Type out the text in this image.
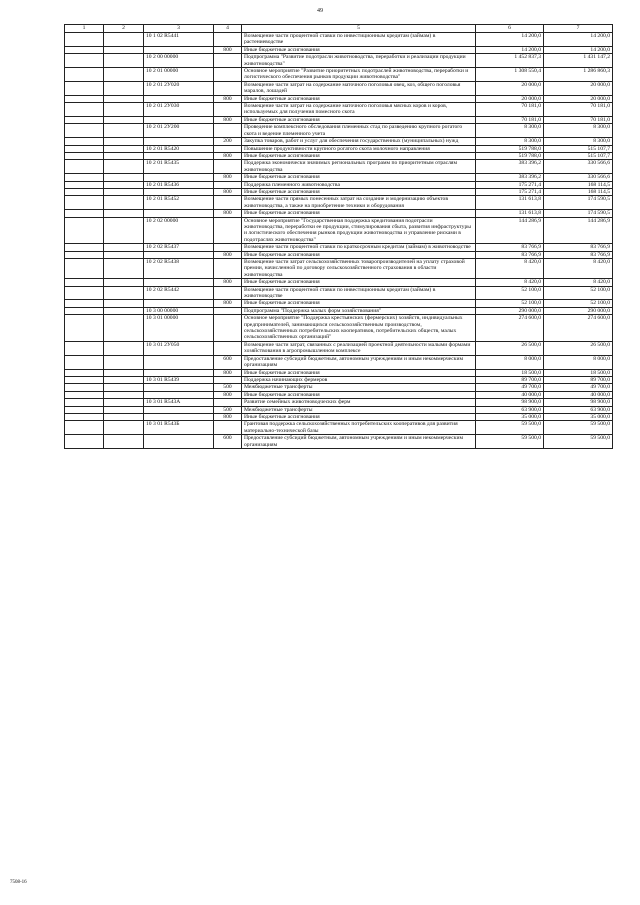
49
1	2	3	4	5	6	7
		10 1 02 R5441		Возмещение части процентной ставки по инвестиционным кредитам (займам) в растениеводстве	14 200,0	14 200,0
			800	Иные бюджетные ассигнования	14 200,0	14 200,0
		10 2 00 00000		Подпрограмма "Развитие подотрасли животноводства, переработки и реализации продукции животноводства"	1 452 837,3	1 431 147,2
		10 2 01 00000		Основное мероприятие "Развитие приоритетных подотраслей животноводства, переработки и логистического обеспечения рынков продукции животноводства"	1 308 550,4	1 286 860,3
		10 2 01 2У020		Возмещение части затрат на содержание маточного поголовья овец, коз, общего поголовья маралов, лошадей	20 000,0	20 000,0
			800	Иные бюджетные ассигнования	20 000,0	20 000,0
		10 2 01 2У030		Возмещение части затрат на содержание маточного поголовья мясных коров и коров, используемых для получения помесного скота	70 181,0	70 181,0
			800	Иные бюджетные ассигнования	70 181,0	70 181,0
		10 2 01 2У200		Проведение комплексного обследования племенных стад по разведению крупного рогатого скота и ведение племенного учета	8 300,0	8 300,0
			200	Закупка товаров, работ и услуг для обеспечения государственных (муниципальных) нужд	8 300,0	8 300,0
		10 2 01 R5420		Повышение продуктивности крупного рогатого скота молочного направления	519 788,0	515 107,7
			800	Иные бюджетные ассигнования	519 788,0	515 107,7
		10 2 01 R5435		Поддержка экономически значимых региональных программ по приоритетным отраслям животноводства	383 396,2	330 566,6
			800	Иные бюджетные ассигнования	383 396,2	330 566,6
		10 2 01 R5436		Поддержка племенного животноводства	175 271,4	168 114,5
			800	Иные бюджетные ассигнования	175 271,4	168 114,5
		10 2 01 R5452		Возмещение части прямых понесенных затрат на создание и модернизацию объектов животноводства, а также на приобретение техники и оборудования	131 613,8	174 590,5
			800	Иные бюджетные ассигнования	131 613,8	174 590,5
		10 2 02 00000		Основное мероприятие "Государственная поддержка кредитования подотрасли животноводства, переработки ее продукции, стимулирования сбыта, развития инфраструктуры и логистического обеспечения рынков продукции животноводства и управление рисками в подотраслях животноводства"	144 286,9	144 286,9
		10 2 02 R5437		Возмещение части процентной ставки по краткосрочным кредитам (займам) в животноводстве	83 766,9	83 766,9
			800	Иные бюджетные ассигнования	83 766,9	83 766,9
		10 2 02 R5438		Возмещение части затрат сельскохозяйственных товаропроизводителей на уплату страховой премии, начисленной по договору сельскохозяйственного страхования в области животноводства	8 420,0	8 420,0
			800	Иные бюджетные ассигнования	8 420,0	8 420,0
		10 2 02 R5442		Возмещение части процентной ставки по инвестиционным кредитам (займам) в животноводстве	52 100,0	52 100,0
			800	Иные бюджетные ассигнования	52 100,0	52 100,0
		10 3 00 00000		Подпрограмма "Поддержка малых форм хозяйствования"	290 000,0	290 000,0
		10 3 01 00000		Основное мероприятие "Поддержка крестьянских (фермерских) хозяйств, индивидуальных предпринимателей, занимающихся сельскохозяйственным производством, сельскохозяйственных потребительских кооперативов, потребительских обществ, малых сельскохозяйственных организаций"	274 600,0	274 600,0
		10 3 01 2У050		Возмещение части затрат, связанных с реализацией проектной деятельности малыми формами хозяйствования в агропромышленном комплексе	26 500,0	26 500,0
			600	Предоставление субсидий бюджетным, автономным учреждениям и иным некоммерческим организациям	8 000,0	8 000,0
			800	Иные бюджетные ассигнования	18 500,0	18 500,0
		10 3 01 R5439		Поддержка начинающих фермеров	89 700,0	89 700,0
			500	Межбюджетные трансферты	49 700,0	49 700,0
			800	Иные бюджетные ассигнования	40 000,0	40 000,0
		10 3 01 R543А		Развитие семейных животноводческих ферм	98 900,0	98 900,0
			500	Межбюджетные трансферты	63 900,0	63 900,0
			800	Иные бюджетные ассигнования	35 000,0	35 000,0
		10 3 01 R543Б		Грантовая поддержка сельскохозяйственных потребительских кооперативов для развития материально-технической базы	59 500,0	59 500,0
			600	Предоставление субсидий бюджетным, автономным учреждениям и иным некоммерческим организациям	59 500,0	59 500,0
7508-16
